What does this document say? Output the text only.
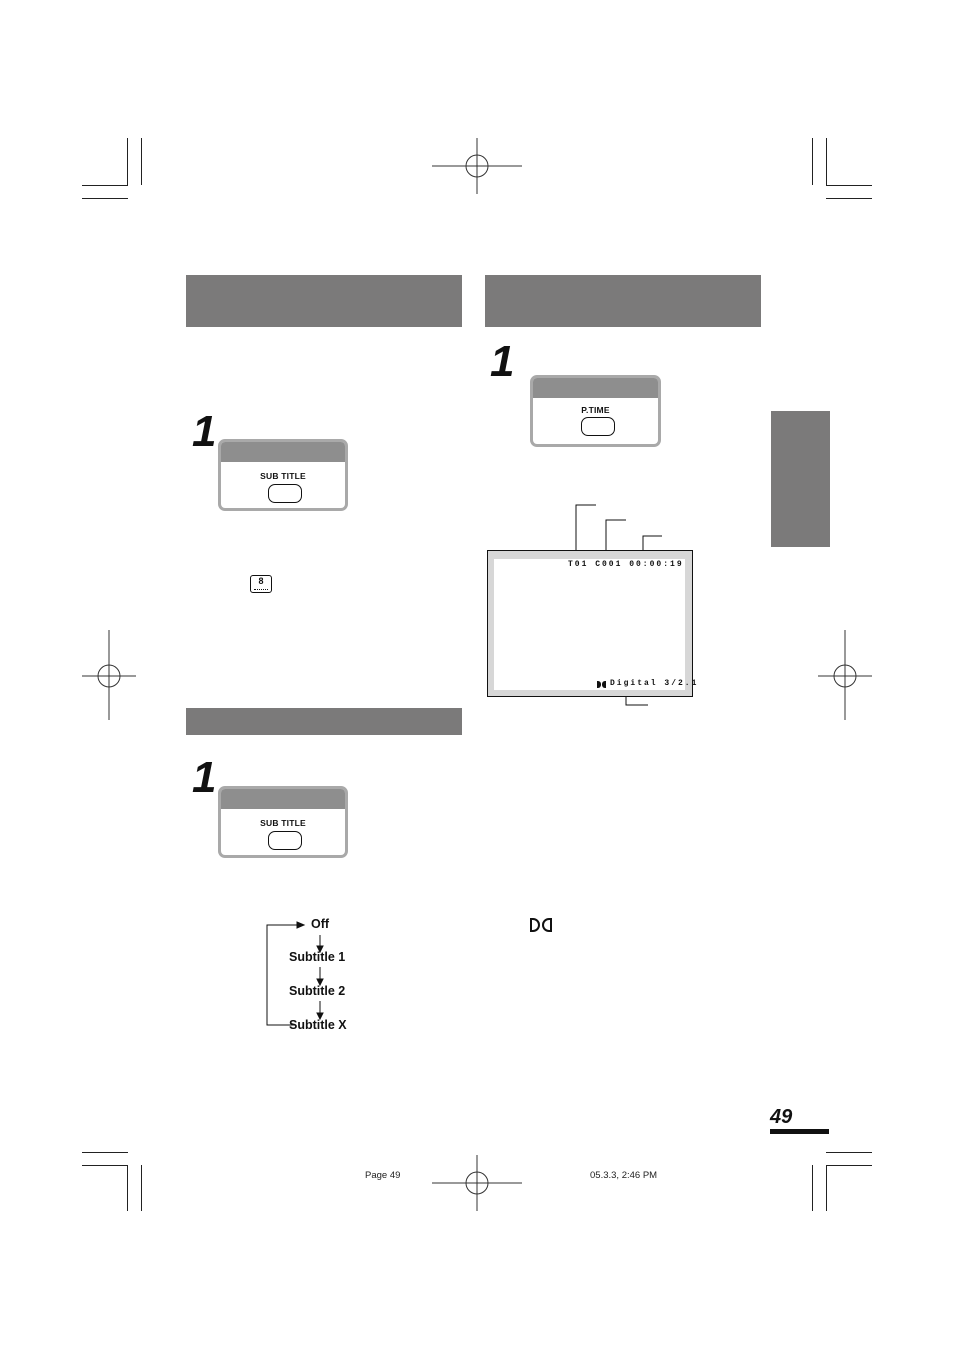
1
SUB TITLE
8
1
SUB TITLE
Off
Subtitle 1
Subtitle 2
Subtitle X
1
P.TIME
T01 C001 00:00:19
Digital 3/2.1
49
Page 49	05.3.3, 2:46 PM
